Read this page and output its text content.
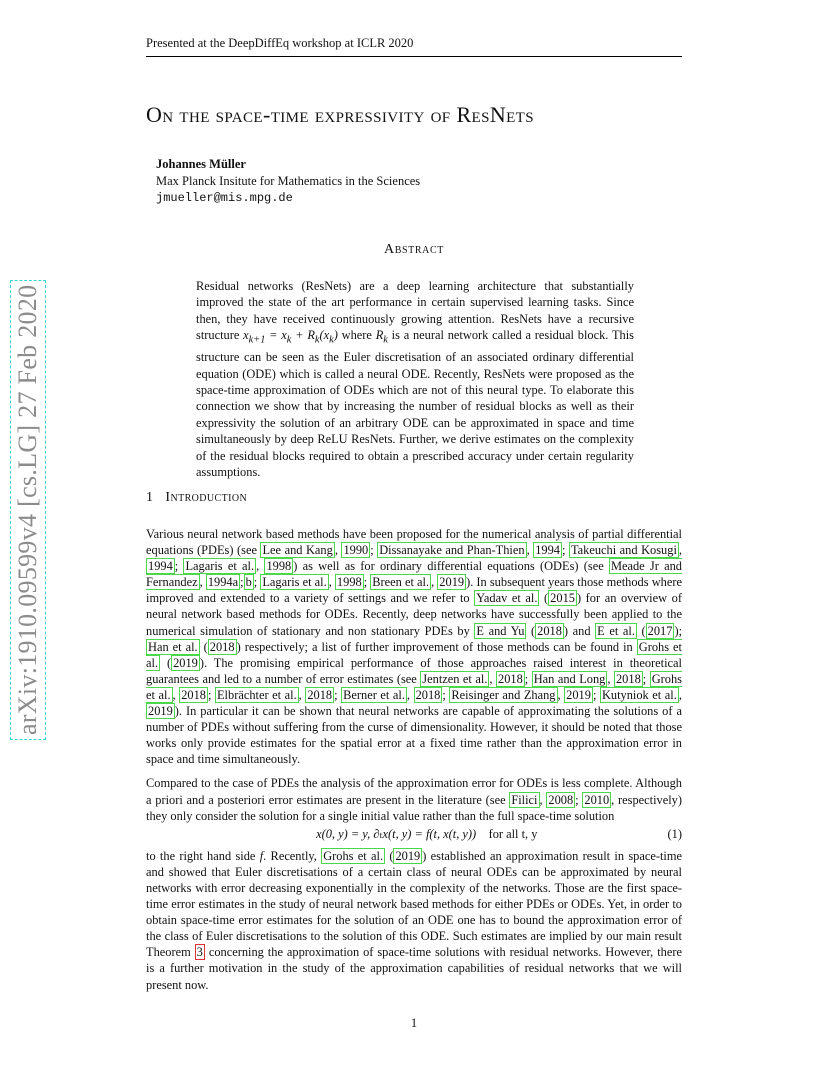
Presented at the DeepDiffEq workshop at ICLR 2020
arXiv:1910.09599v4 [cs.LG] 27 Feb 2020
On the space-time expressivity of ResNets
Johannes Müller
Max Planck Insitute for Mathematics in the Sciences
jmueller@mis.mpg.de
Abstract
Residual networks (ResNets) are a deep learning architecture that substantially improved the state of the art performance in certain supervised learning tasks. Since then, they have received continuously growing attention. ResNets have a recursive structure $x_{k+1} = x_k + R_k(x_k)$ where $R_k$ is a neural network called a residual block. This structure can be seen as the Euler discretisation of an associated ordinary differential equation (ODE) which is called a neural ODE. Recently, ResNets were proposed as the space-time approximation of ODEs which are not of this neural type. To elaborate this connection we show that by increasing the number of residual blocks as well as their expressivity the solution of an arbitrary ODE can be approximated in space and time simultaneously by deep ReLU ResNets. Further, we derive estimates on the complexity of the residual blocks required to obtain a prescribed accuracy under certain regularity assumptions.
1 Introduction

Various neural network based methods have been proposed for the numerical analysis of partial differential equations (PDEs) (see Lee and Kang , 1990 ; Dissanayake and Phan-Thien , 1994 ; Takeuchi and Kosugi , 1994 ; Lagaris et al. , 1998 ) as well as for ordinary differential equations (ODEs) (see Meade Jr and Fernandez , 1994a ; b ; Lagaris et al. , 1998 ; Breen et al. , 2019 ). In subsequent years those methods where improved and extended to a variety of settings and we refer to Yadav et al. ( 2015 ) for an overview of neural network based methods for ODEs. Recently, deep networks have successfully been applied to the numerical simulation of stationary and non stationary PDEs by E and Yu ( 2018 ) and E et al. ( 2017 ); Han et al. ( 2018 ) respectively; a list of further improvement of those methods can be found in Grohs et al. ( 2019 ). The promising empirical performance of those approaches raised interest in theoretical guarantees and led to a number of error estimates (see Jentzen et al. , 2018 ; Han and Long , 2018 ; Grohs et al. , 2018 ; Elbrächter et al. , 2018 ; Berner et al. , 2018 ; Reisinger and Zhang , 2019 ; Kutyniok et al. , 2019 ). In particular it can be shown that neural networks are capable of approximating the solutions of a number of PDEs without suffering from the curse of dimensionality. However, it should be noted that those works only provide estimates for the spatial error at a fixed time rather than the approximation error in space and time simultaneously.

Compared to the case of PDEs the analysis of the approximation error for ODEs is less complete. Although a priori and a posteriori error estimates are present in the literature (see Filici , 2008 ; 2010 , respectively) they only consider the solution for a single initial value rather than the full space-time solution

x(0, y) = y, ∂ₜx(t, y) = f(t, x(t, y)) for all t, y	(1)

to the right hand side f. Recently, Grohs et al. ( 2019 ) established an approximation result in space-time and showed that Euler discretisations of a certain class of neural ODEs can be approximated by neural networks with error decreasing exponentially in the complexity of the networks. Those are the first space-time error estimates in the study of neural network based methods for either PDEs or ODEs. Yet, in order to obtain space-time error estimates for the solution of an ODE one has to bound the approximation error of the class of Euler discretisations to the solution of this ODE. Such estimates are implied by our main result Theorem 3 concerning the approximation of space-time solutions with residual networks. However, there is a further motivation in the study of the approximation capabilities of residual networks that we will present now.

1
